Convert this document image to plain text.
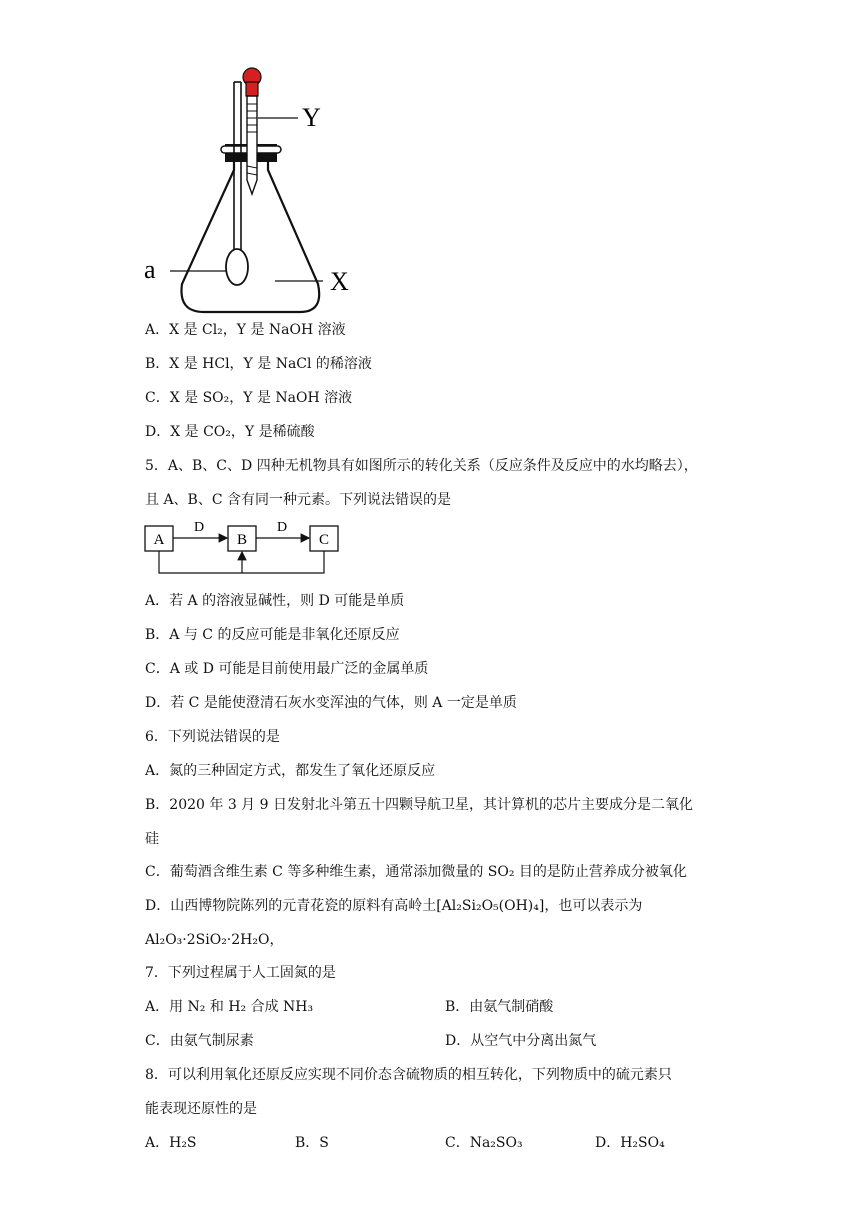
Y
a	X
A．X 是 Cl₂，Y 是 NaOH 溶液
B．X 是 HCl，Y 是 NaCl 的稀溶液
C．X 是 SO₂，Y 是 NaOH 溶液
D．X 是 CO₂，Y 是稀硫酸
5．A、B、C、D 四种无机物具有如图所示的转化关系（反应条件及反应中的水均略去），
且 A、B、C 含有同一种元素。下列说法错误的是
A	B	C
D	D
A．若 A 的溶液显碱性，则 D 可能是单质
B．A 与 C 的反应可能是非氧化还原反应
C．A 或 D 可能是目前使用最广泛的金属单质
D．若 C 是能使澄清石灰水变浑浊的气体，则 A 一定是单质
6．下列说法错误的是
A．氮的三种固定方式，都发生了氧化还原反应
B．2020 年 3 月 9 日发射北斗第五十四颗导航卫星，其计算机的芯片主要成分是二氧化
硅
C．葡萄酒含维生素 C 等多种维生素，通常添加微量的 SO₂ 目的是防止营养成分被氧化
D．山西博物院陈列的元青花瓷的原料有高岭土[Al₂Si₂O₅(OH)₄]，也可以表示为
Al₂O₃·2SiO₂·2H₂O，
7．下列过程属于人工固氮的是
A．用 N₂ 和 H₂ 合成 NH₃	B．由氨气制硝酸
C．由氨气制尿素	D．从空气中分离出氮气
8．可以利用氧化还原反应实现不同价态含硫物质的相互转化，下列物质中的硫元素只
能表现还原性的是
A．H₂S	B．S	C．Na₂SO₃	D．H₂SO₄
